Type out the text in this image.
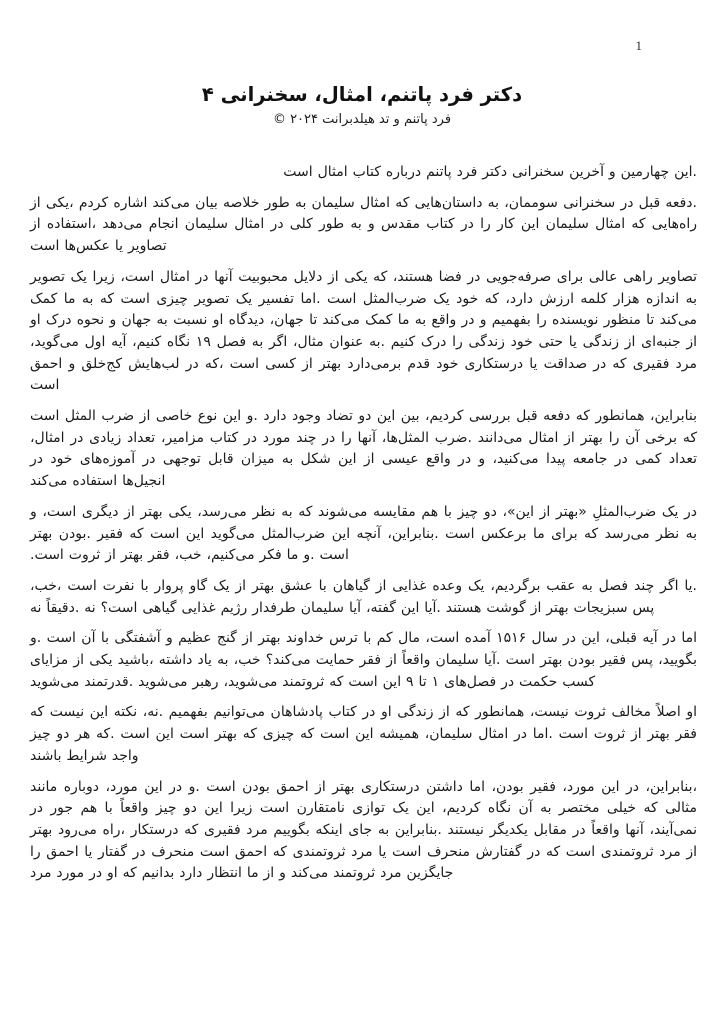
1
دکتر فرد پاتنم، امثال، سخنرانی ۴
فرد پاتنم و تد هیلدبرانت ۲۰۲۴ ©

.این چهارمین و آخرین سخنرانی دکتر فرد پاتنم درباره کتاب امثال است

.دفعه قبل در سخنرانی سوممان، به داستان‌هایی که امثال سلیمان به طور خلاصه بیان می‌کند اشاره کردم ،یکی از راه‌هایی که امثال سلیمان این کار را در کتاب مقدس و به طور کلی در امثال سلیمان انجام می‌دهد ،استفاده از تصاویر یا عکس‌ها است

تصاویر راهی عالی برای صرفه‌جویی در فضا هستند، که یکی از دلایل محبوبیت آنها در امثال است، زیرا یک تصویر به اندازه هزار کلمه ارزش دارد، که خود یک ضرب‌المثل است .اما تفسیر یک تصویر چیزی است که به ما کمک می‌کند تا منظور نویسنده را بفهمیم و در واقع به ما کمک می‌کند تا جهان، دیدگاه او نسبت به جهان و نحوه درک او از جنبه‌ای از زندگی یا حتی خود زندگی را درک کنیم .به عنوان مثال، اگر به فصل ۱۹ نگاه کنیم، آیه اول می‌گوید، مرد فقیری که در صداقت یا درستکاری خود قدم برمی‌دارد بهتر از کسی است ،که در لب‌هایش کج‌خلق و احمق است

بنابراین، همانطور که دفعه قبل بررسی کردیم، بین این دو تضاد وجود دارد .و این نوع خاصی از ضرب المثل است که برخی آن را بهتر از امثال می‌دانند .ضرب المثل‌ها، آنها را در چند مورد در کتاب مزامیر، تعداد زیادی در امثال، تعداد کمی در جامعه پیدا می‌کنید، و در واقع عیسی از این شکل به میزان قابل توجهی در آموزه‌های خود در انجیل‌ها استفاده می‌کند

در یک ضرب‌المثلِ «بهتر از این»، دو چیز با هم مقایسه می‌شوند که به نظر می‌رسد، یکی بهتر از دیگری است، و به نظر می‌رسد که برای ما برعکس است .بنابراین، آنچه این ضرب‌المثل می‌گوید این است که فقیر .بودن بهتر است .و ما فکر می‌کنیم، خب، فقر بهتر از ثروت است.

.یا اگر چند فصل به عقب برگردیم، یک وعده غذایی از گیاهان با عشق بهتر از یک گاو پروار با نفرت است ،خب، پس سبزیجات بهتر از گوشت هستند .آیا این گفته، آیا سلیمان طرفدار رژیم غذایی گیاهی است؟ نه .دقیقاً نه

اما در آیه قبلی، این در سال ۱۵۱۶ آمده است، مال کم با ترس خداوند بهتر از گنج عظیم و آشفتگی با آن است .و بگویید، پس فقیر بودن بهتر است .آیا سلیمان واقعاً از فقر حمایت می‌کند؟ خب، به یاد داشته ،باشید یکی از مزایای کسب حکمت در فصل‌های ۱ تا ۹ این است که ثروتمند می‌شوید، رهبر می‌شوید .قدرتمند می‌شوید

او اصلاً مخالف ثروت نیست، همانطور که از زندگی او در کتاب پادشاهان می‌توانیم بفهمیم .نه، نکته این نیست که فقر بهتر از ثروت است .اما در امثال سلیمان، همیشه این است که چیزی که بهتر است این است .که هر دو چیز واجد شرایط باشند

،بنابراین، در این مورد، فقیر بودن، اما داشتن درستکاری بهتر از احمق بودن است .و در این مورد، دوباره مانند مثالی که خیلی مختصر به آن نگاه کردیم، این یک توازی نامتقارن است زیرا این دو چیز واقعاً با هم جور در نمی‌آیند، آنها واقعاً در مقابل یکدیگر نیستند .بنابراین به جای اینکه بگوییم مرد فقیری که درستکار ،راه می‌رود بهتر از مرد ثروتمندی است که در گفتارش منحرف است یا مرد ثروتمندی که احمق است منحرف در گفتار یا احمق را جایگزین مرد ثروتمند می‌کند و از ما انتظار دارد بدانیم که او در مورد مرد
